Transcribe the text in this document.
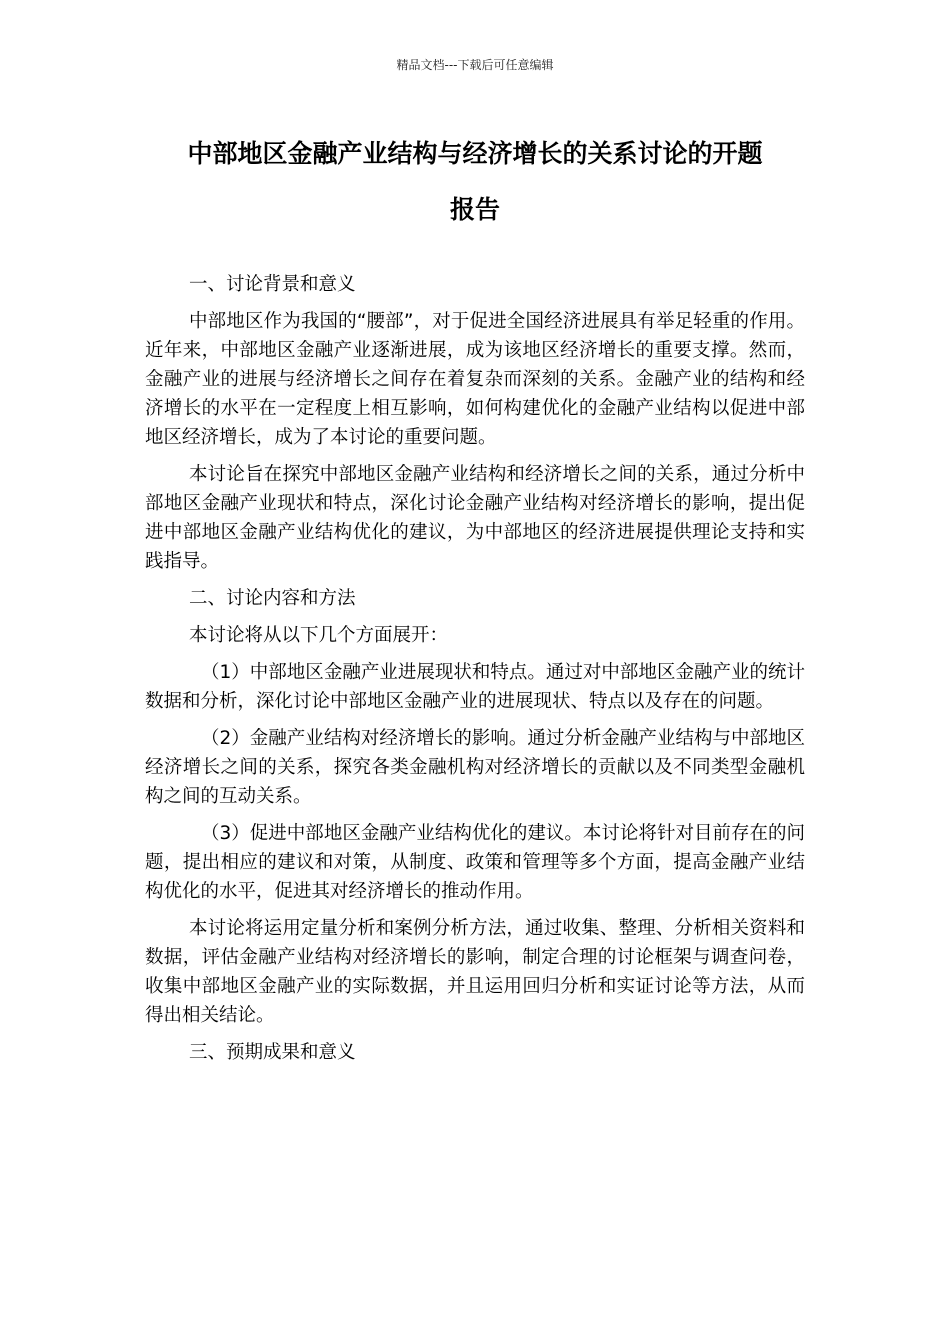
精品文档---下载后可任意编辑
中部地区金融产业结构与经济增长的关系讨论的开题
报告

一、讨论背景和意义

中部地区作为我国的“腰部”，对于促进全国经济进展具有举足轻重的作用。近年来，中部地区金融产业逐渐进展，成为该地区经济增长的重要支撑。然而，金融产业的进展与经济增长之间存在着复杂而深刻的关系。金融产业的结构和经济增长的水平在一定程度上相互影响，如何构建优化的金融产业结构以促进中部地区经济增长，成为了本讨论的重要问题。

本讨论旨在探究中部地区金融产业结构和经济增长之间的关系，通过分析中部地区金融产业现状和特点，深化讨论金融产业结构对经济增长的影响，提出促进中部地区金融产业结构优化的建议，为中部地区的经济进展提供理论支持和实践指导。

二、讨论内容和方法

本讨论将从以下几个方面展开：

（1）中部地区金融产业进展现状和特点。通过对中部地区金融产业的统计数据和分析，深化讨论中部地区金融产业的进展现状、特点以及存在的问题。

（2）金融产业结构对经济增长的影响。通过分析金融产业结构与中部地区经济增长之间的关系，探究各类金融机构对经济增长的贡献以及不同类型金融机构之间的互动关系。

（3）促进中部地区金融产业结构优化的建议。本讨论将针对目前存在的问题，提出相应的建议和对策，从制度、政策和管理等多个方面，提高金融产业结构优化的水平，促进其对经济增长的推动作用。

本讨论将运用定量分析和案例分析方法，通过收集、整理、分析相关资料和数据，评估金融产业结构对经济增长的影响，制定合理的讨论框架与调查问卷，收集中部地区金融产业的实际数据，并且运用回归分析和实证讨论等方法，从而得出相关结论。

三、预期成果和意义
